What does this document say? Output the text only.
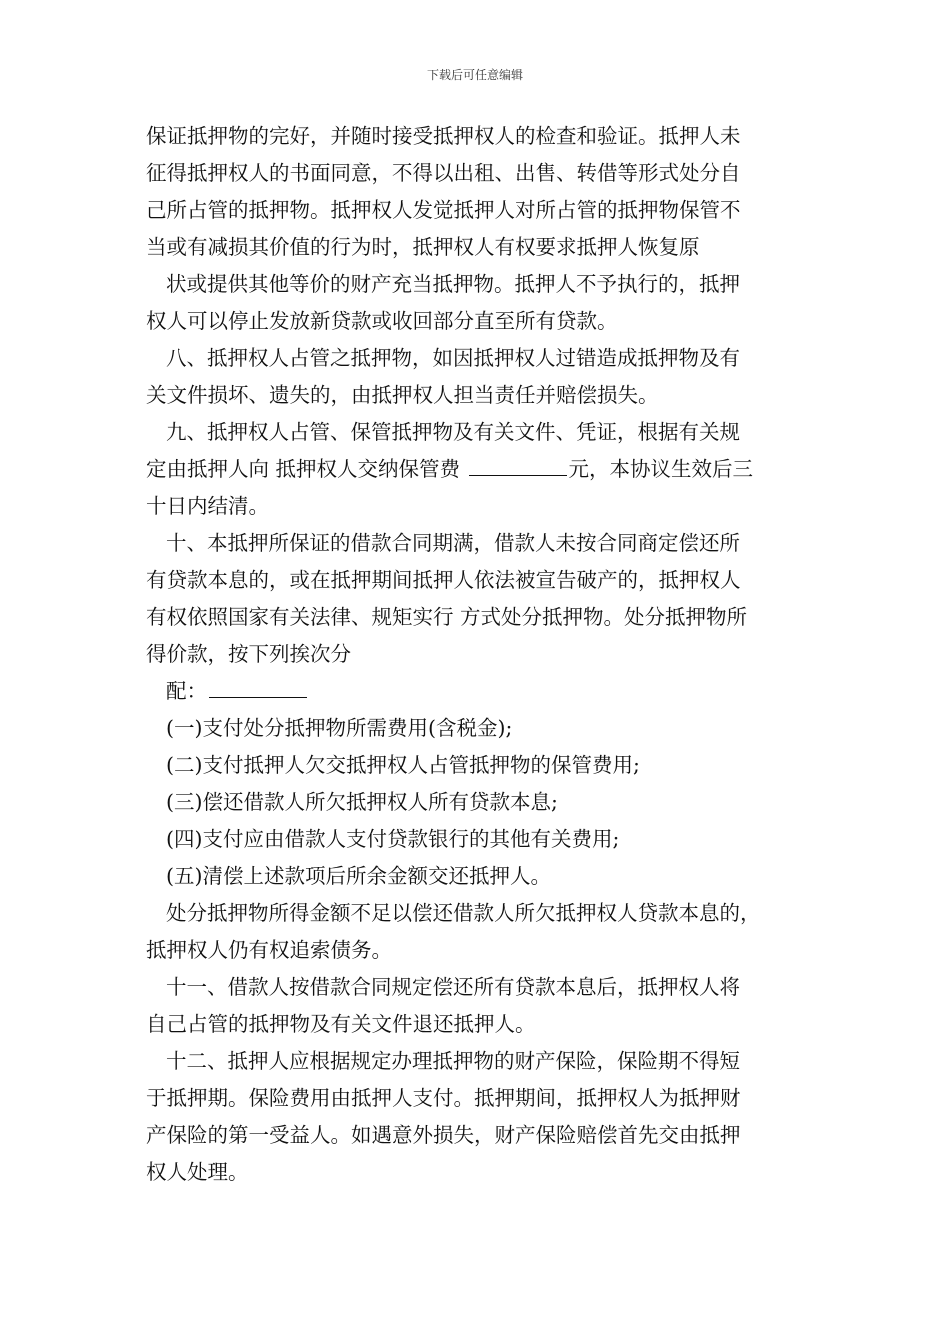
下载后可任意编辑
保证抵押物的完好，并随时接受抵押权人的检查和验证。抵押人未
征得抵押权人的书面同意，不得以出租、出售、转借等形式处分自
己所占管的抵押物。抵押权人发觉抵押人对所占管的抵押物保管不
当或有减损其价值的行为时，抵押权人有权要求抵押人恢复原
状或提供其他等价的财产充当抵押物。抵押人不予执行的，抵押
权人可以停止发放新贷款或收回部分直至所有贷款。
八、抵押权人占管之抵押物，如因抵押权人过错造成抵押物及有
关文件损坏、遗失的，由抵押权人担当责任并赔偿损失。
九、抵押权人占管、保管抵押物及有关文件、凭证，根据有关规
定由抵押人向 抵押权人交纳保管费	元，本协议生效后三
十日内结清。
十、本抵押所保证的借款合同期满，借款人未按合同商定偿还所
有贷款本息的，或在抵押期间抵押人依法被宣告破产的，抵押权人
有权依照国家有关法律、规矩实行 方式处分抵押物。处分抵押物所
得价款，按下列挨次分
配：
(一)支付处分抵押物所需费用(含税金);
(二)支付抵押人欠交抵押权人占管抵押物的保管费用;
(三)偿还借款人所欠抵押权人所有贷款本息;
(四)支付应由借款人支付贷款银行的其他有关费用;
(五)清偿上述款项后所余金额交还抵押人。
处分抵押物所得金额不足以偿还借款人所欠抵押权人贷款本息的，
抵押权人仍有权追索债务。
十一、借款人按借款合同规定偿还所有贷款本息后，抵押权人将
自己占管的抵押物及有关文件退还抵押人。
十二、抵押人应根据规定办理抵押物的财产保险，保险期不得短
于抵押期。保险费用由抵押人支付。抵押期间，抵押权人为抵押财
产保险的第一受益人。如遇意外损失，财产保险赔偿首先交由抵押
权人处理。
